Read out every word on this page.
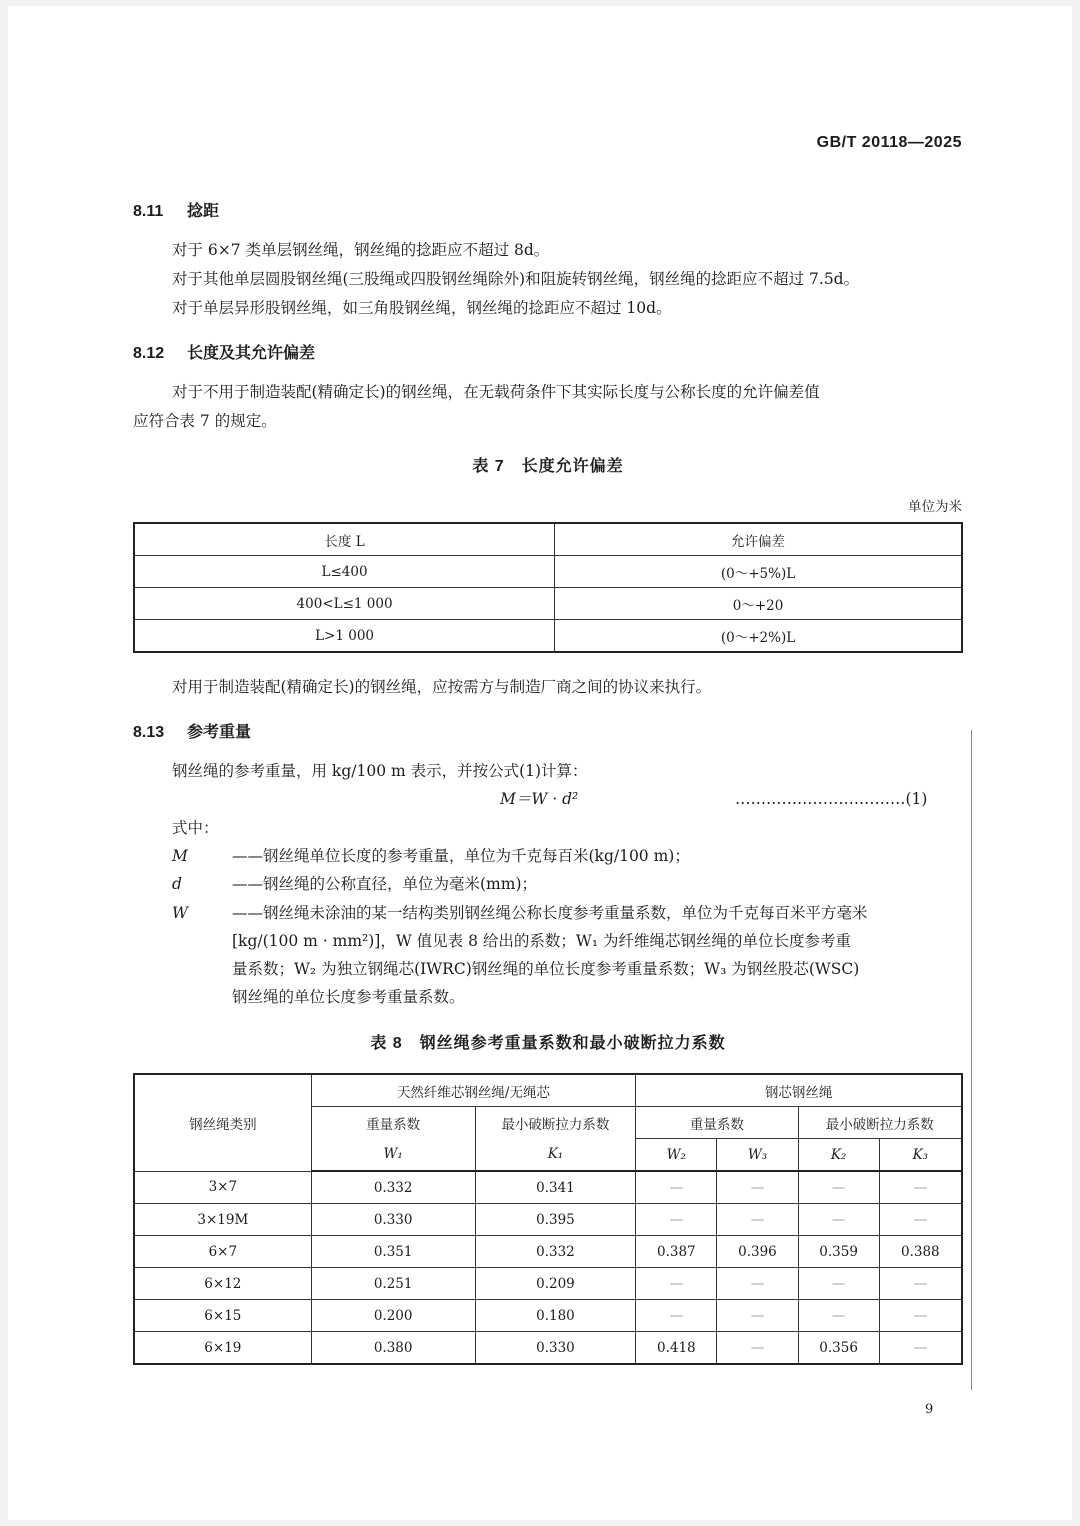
GB/T 20118—2025
8.11 捻距
对于 6×7 类单层钢丝绳，钢丝绳的捻距应不超过 8d。
对于其他单层圆股钢丝绳(三股绳或四股钢丝绳除外)和阻旋转钢丝绳，钢丝绳的捻距应不超过 7.5d。
对于单层异形股钢丝绳，如三角股钢丝绳，钢丝绳的捻距应不超过 10d。
8.12 长度及其允许偏差
对于不用于制造装配(精确定长)的钢丝绳，在无载荷条件下其实际长度与公称长度的允许偏差值
应符合表 7 的规定。
表 7　长度允许偏差
单位为米
长度 L	允许偏差
L≤400	(0～+5%)L
400<L≤1 000	0～+20
L>1 000	(0～+2%)L
对用于制造装配(精确定长)的钢丝绳，应按需方与制造厂商之间的协议来执行。
8.13 参考重量
钢丝绳的参考重量，用 kg/100 m 表示，并按公式(1)计算：
M＝W · d²	……………………………(1)
式中：
M	——钢丝绳单位长度的参考重量，单位为千克每百米(kg/100 m)；
d	——钢丝绳的公称直径，单位为毫米(mm)；
W	——钢丝绳未涂油的某一结构类别钢丝绳公称长度参考重量系数，单位为千克每百米平方毫米
[kg/(100 m · mm²)]，W 值见表 8 给出的系数；W₁ 为纤维绳芯钢丝绳的单位长度参考重
量系数；W₂ 为独立钢绳芯(IWRC)钢丝绳的单位长度参考重量系数；W₃ 为钢丝股芯(WSC)
钢丝绳的单位长度参考重量系数。
表 8　钢丝绳参考重量系数和最小破断拉力系数
钢丝绳类别	天然纤维芯钢丝绳/无绳芯		钢芯钢丝绳			
	重量系数	最小破断拉力系数	重量系数		最小破断拉力系数	
	W₁	K₁	W₂	W₃	K₂	K₃
3×7	0.332	0.341	—	—	—	—
3×19M	0.330	0.395	—	—	—	—
6×7	0.351	0.332	0.387	0.396	0.359	0.388
6×12	0.251	0.209	—	—	—	—
6×15	0.200	0.180	—	—	—	—
6×19	0.380	0.330	0.418	—	0.356	—
9
